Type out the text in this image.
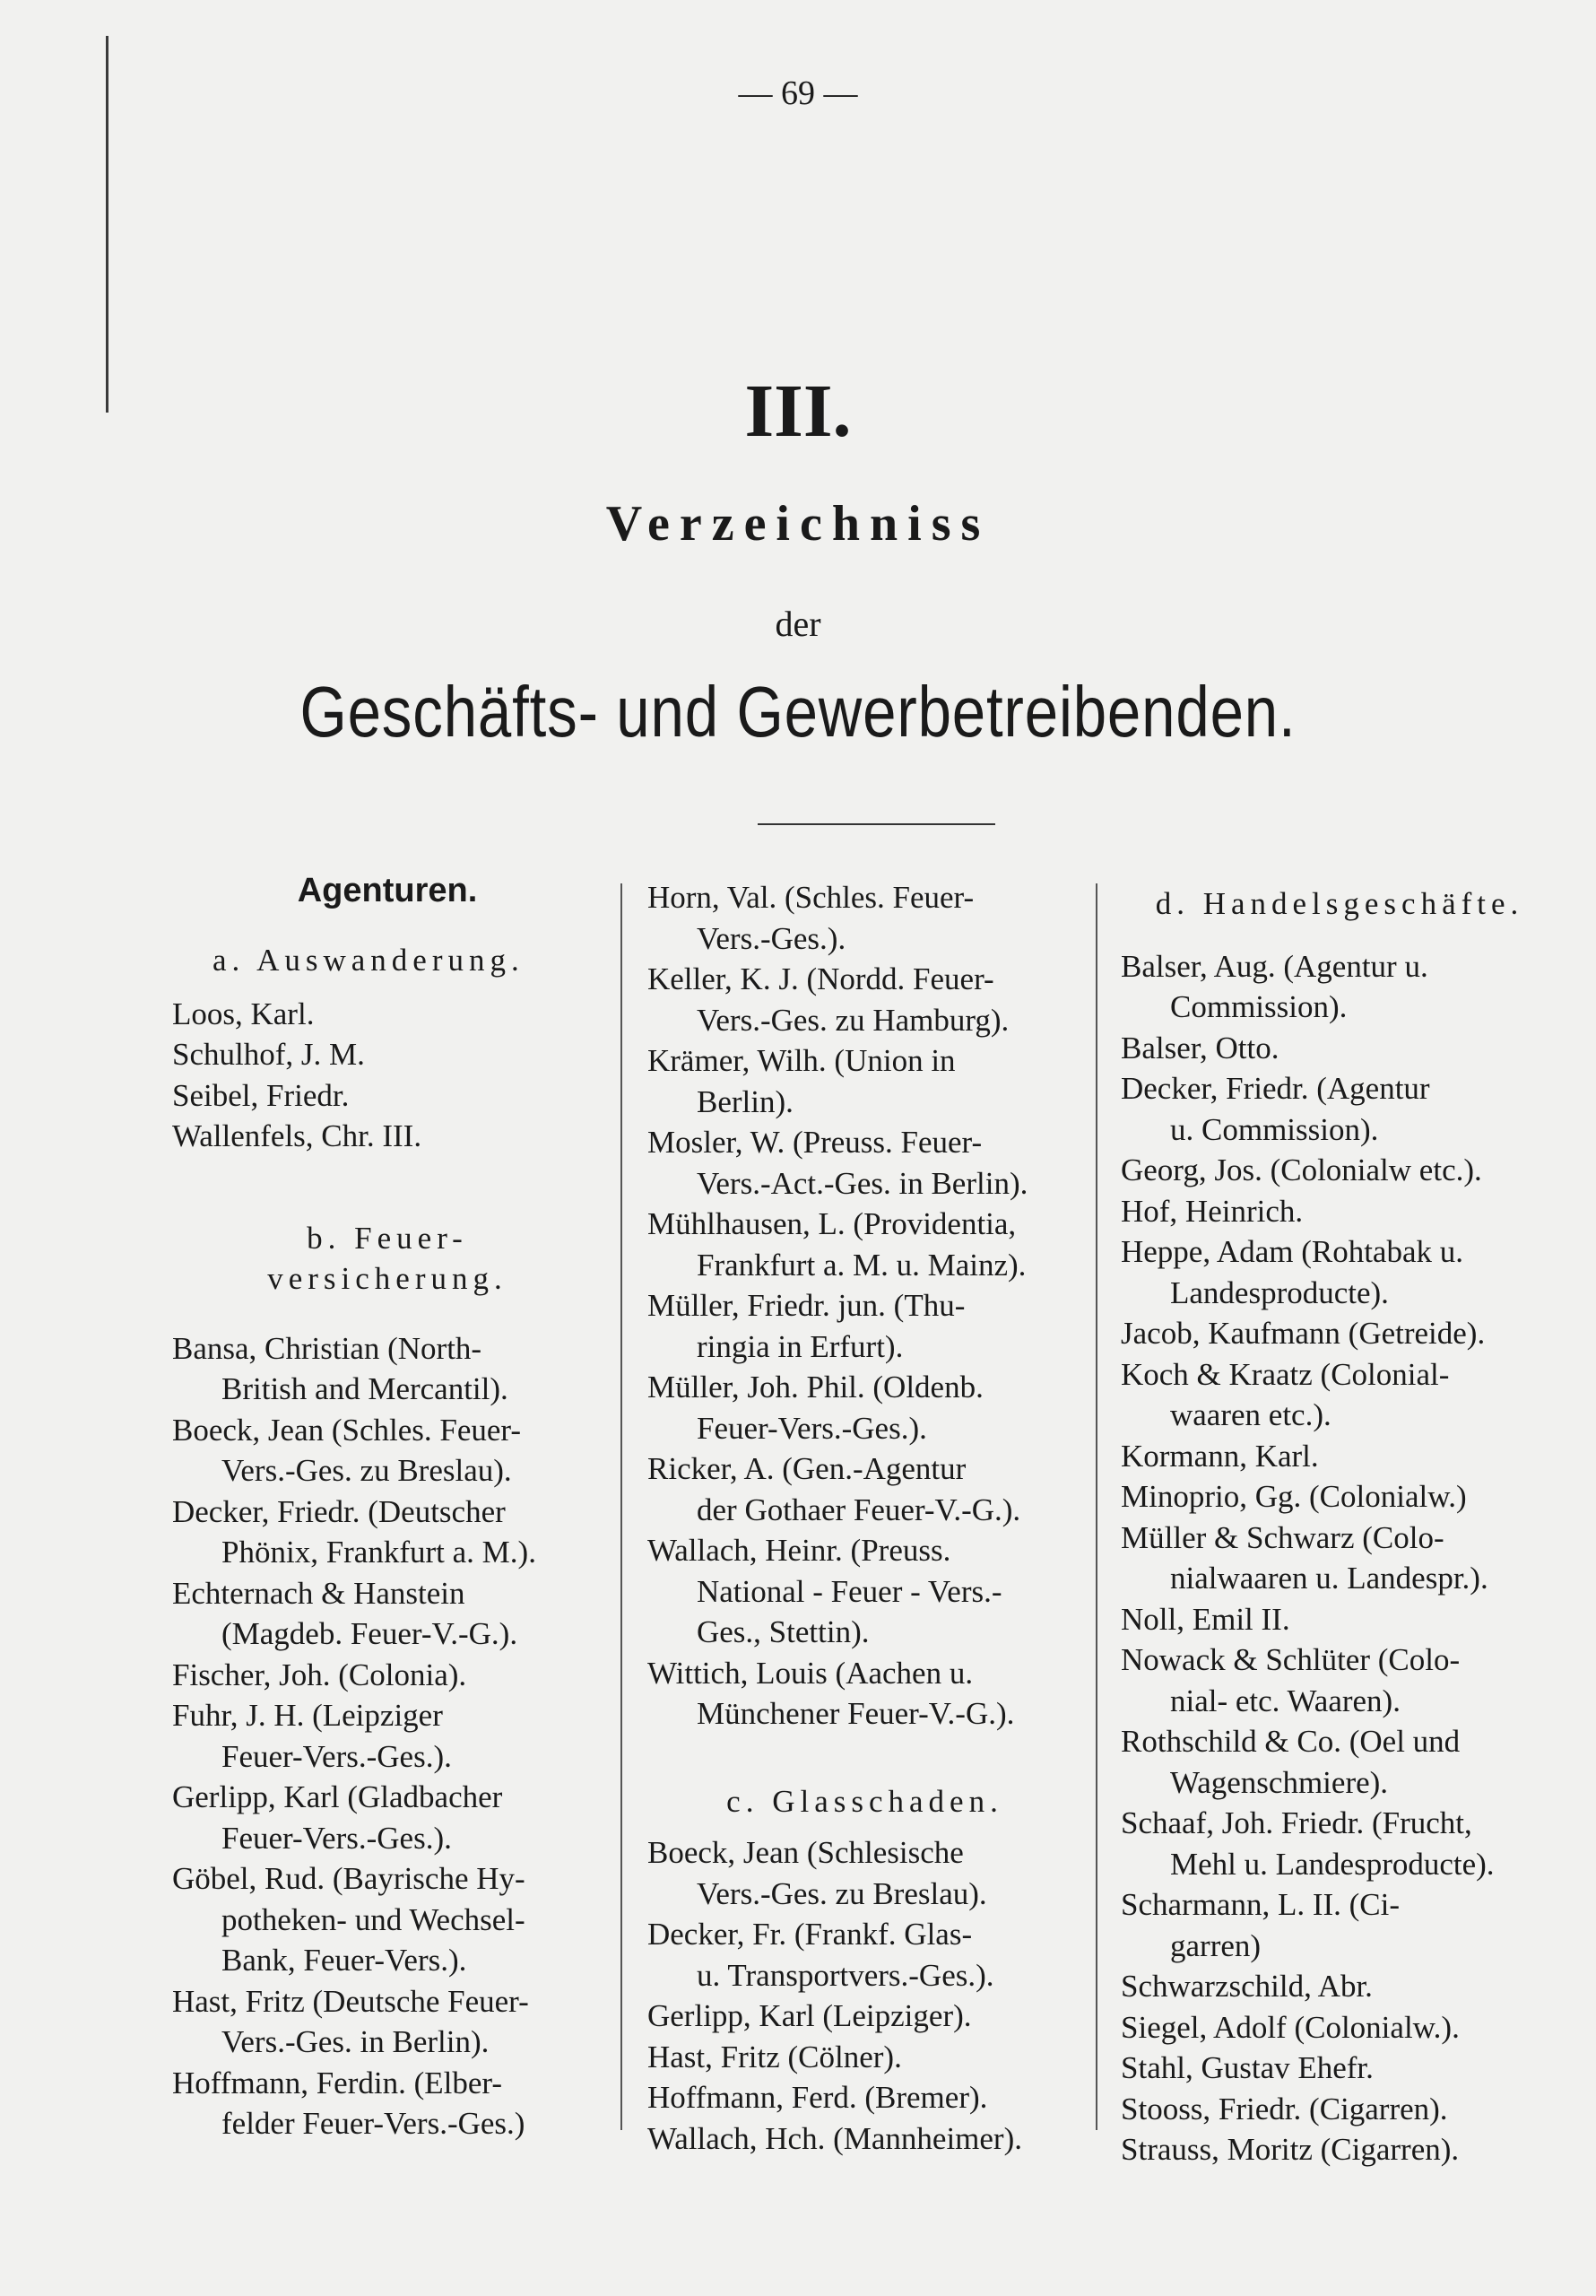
— 69 —
III.
Verzeichniss
der
Geschäfts- und Gewerbetreibenden.
Agenturen.
a. Auswanderung.
Loos, Karl.
Schulhof, J. M.
Seibel, Friedr.
Wallenfels, Chr. III.
b. Feuer-
versicherung.
Bansa, Christian (North-
British and Mercantil).
Boeck, Jean (Schles. Feuer-
Vers.-Ges. zu Breslau).
Decker, Friedr. (Deutscher
Phönix, Frankfurt a. M.).
Echternach & Hanstein
(Magdeb. Feuer-V.-G.).
Fischer, Joh. (Colonia).
Fuhr, J. H. (Leipziger
Feuer-Vers.-Ges.).
Gerlipp, Karl (Gladbacher
Feuer-Vers.-Ges.).
Göbel, Rud. (Bayrische Hy-
potheken- und Wechsel-
Bank, Feuer-Vers.).
Hast, Fritz (Deutsche Feuer-
Vers.-Ges. in Berlin).
Hoffmann, Ferdin. (Elber-
felder Feuer-Vers.-Ges.)
Horn, Val. (Schles. Feuer-
Vers.-Ges.).
Keller, K. J. (Nordd. Feuer-
Vers.-Ges. zu Hamburg).
Krämer, Wilh. (Union in
Berlin).
Mosler, W. (Preuss. Feuer-
Vers.-Act.-Ges. in Berlin).
Mühlhausen, L. (Providentia,
Frankfurt a. M. u. Mainz).
Müller, Friedr. jun. (Thu-
ringia in Erfurt).
Müller, Joh. Phil. (Oldenb.
Feuer-Vers.-Ges.).
Ricker, A. (Gen.-Agentur
der Gothaer Feuer-V.-G.).
Wallach, Heinr. (Preuss.
National - Feuer - Vers.-
Ges., Stettin).
Wittich, Louis (Aachen u.
Münchener Feuer-V.-G.).
c. Glasschaden.
Boeck, Jean (Schlesische
Vers.-Ges. zu Breslau).
Decker, Fr. (Frankf. Glas-
u. Transportvers.-Ges.).
Gerlipp, Karl (Leipziger).
Hast, Fritz (Cölner).
Hoffmann, Ferd. (Bremer).
Wallach, Hch. (Mannheimer).
d. Handelsgeschäfte.
Balser, Aug. (Agentur u.
Commission).
Balser, Otto.
Decker, Friedr. (Agentur
u. Commission).
Georg, Jos. (Colonialw etc.).
Hof, Heinrich.
Heppe, Adam (Rohtabak u.
Landesproducte).
Jacob, Kaufmann (Getreide).
Koch & Kraatz (Colonial-
waaren etc.).
Kormann, Karl.
Minoprio, Gg. (Colonialw.)
Müller & Schwarz (Colo-
nialwaaren u. Landespr.).
Noll, Emil II.
Nowack & Schlüter (Colo-
nial- etc. Waaren).
Rothschild & Co. (Oel und
Wagenschmiere).
Schaaf, Joh. Friedr. (Frucht,
Mehl u. Landesproducte).
Scharmann, L. II. (Ci-
garren)
Schwarzschild, Abr.
Siegel, Adolf (Colonialw.).
Stahl, Gustav Ehefr.
Stooss, Friedr. (Cigarren).
Strauss, Moritz (Cigarren).
